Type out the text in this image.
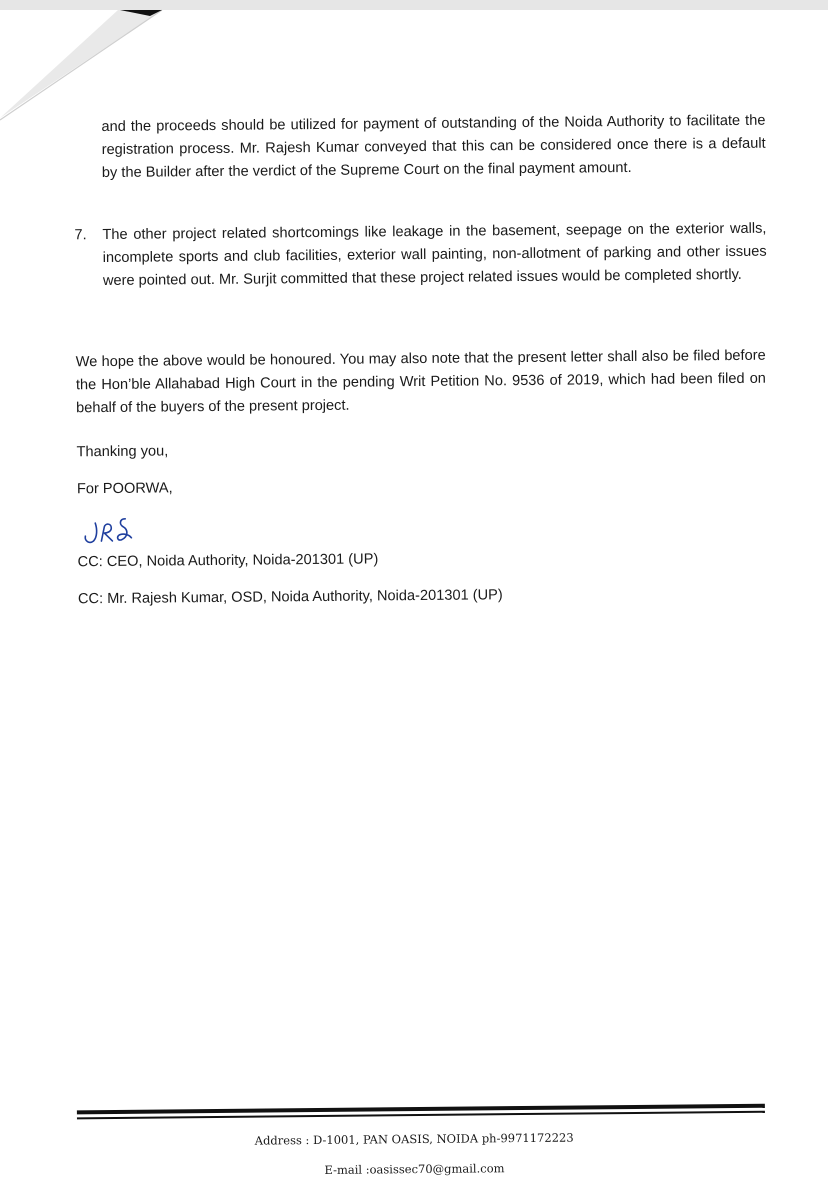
and the proceeds should be utilized for payment of outstanding of the Noida Authority to facilitate the registration process. Mr. Rajesh Kumar conveyed that this can be considered once there is a default by the Builder after the verdict of the Supreme Court on the final payment amount.
7. The other project related shortcomings like leakage in the basement, seepage on the exterior walls, incomplete sports and club facilities, exterior wall painting, non-allotment of parking and other issues were pointed out. Mr. Surjit committed that these project related issues would be completed shortly.
We hope the above would be honoured. You may also note that the present letter shall also be filed before the Hon’ble Allahabad High Court in the pending Writ Petition No. 9536 of 2019, which had been filed on behalf of the buyers of the present project.
Thanking you,
For POORWA,
CC: CEO, Noida Authority, Noida-201301 (UP)
CC: Mr. Rajesh Kumar, OSD, Noida Authority, Noida-201301 (UP)
Address : D-1001, PAN OASIS, NOIDA ph-9971172223
E-mail :oasissec70@gmail.com
